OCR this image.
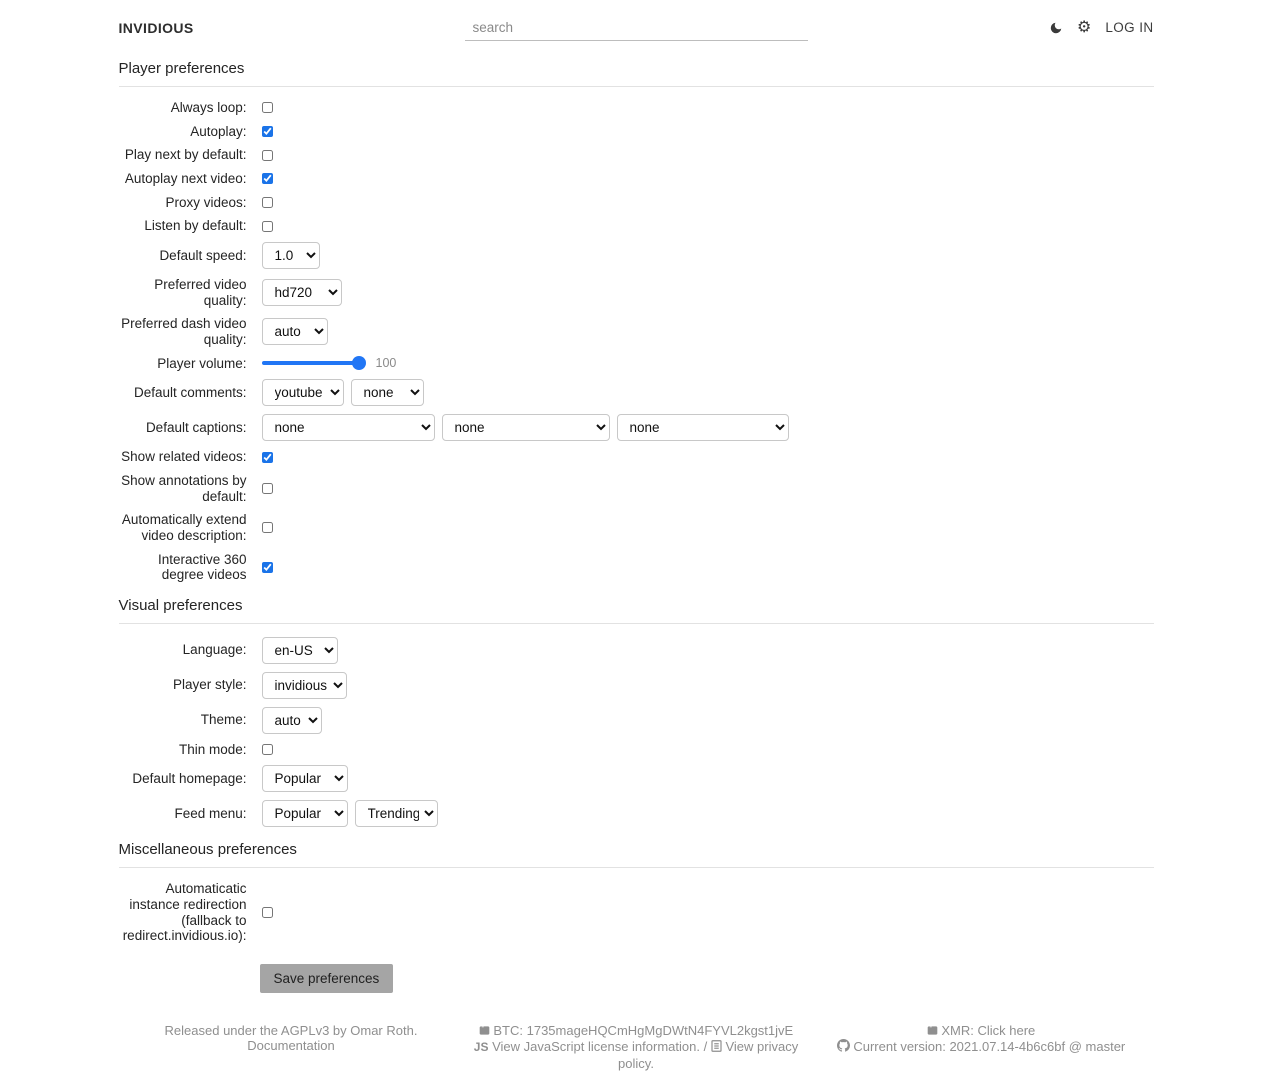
INVIDIOUS
search	⚙︎ LOG IN
Player preferences
Always loop:
Autoplay:
Play next by default:
Autoplay next video:
Proxy videos:
Listen by default:
Default speed:
1.0
Preferred video quality:
hd720
Preferred dash video quality:
auto
Player volume:	100
Default comments:
youtube
none
Default captions:
none
none
none
Show related videos:
Show annotations by default:
Automatically extend video description:
Interactive 360 degree videos
Visual preferences
Language:
en-US
Player style:
invidious
Theme:
auto
Thin mode:
Default homepage:
Popular
Feed menu:
Popular
Trending
Miscellaneous preferences
Automaticatic instance redirection (fallback to redirect.invidious.io):
Save preferences
Released under the AGPLv3 by Omar Roth.
Documentation
BTC: 1735mageHQCmHgMgDWtN4FYVL2kgst1jvE
JS View JavaScript license information. / View privacy policy.
XMR: Click here
Current version: 2021.07.14-4b6c6bf @ master
